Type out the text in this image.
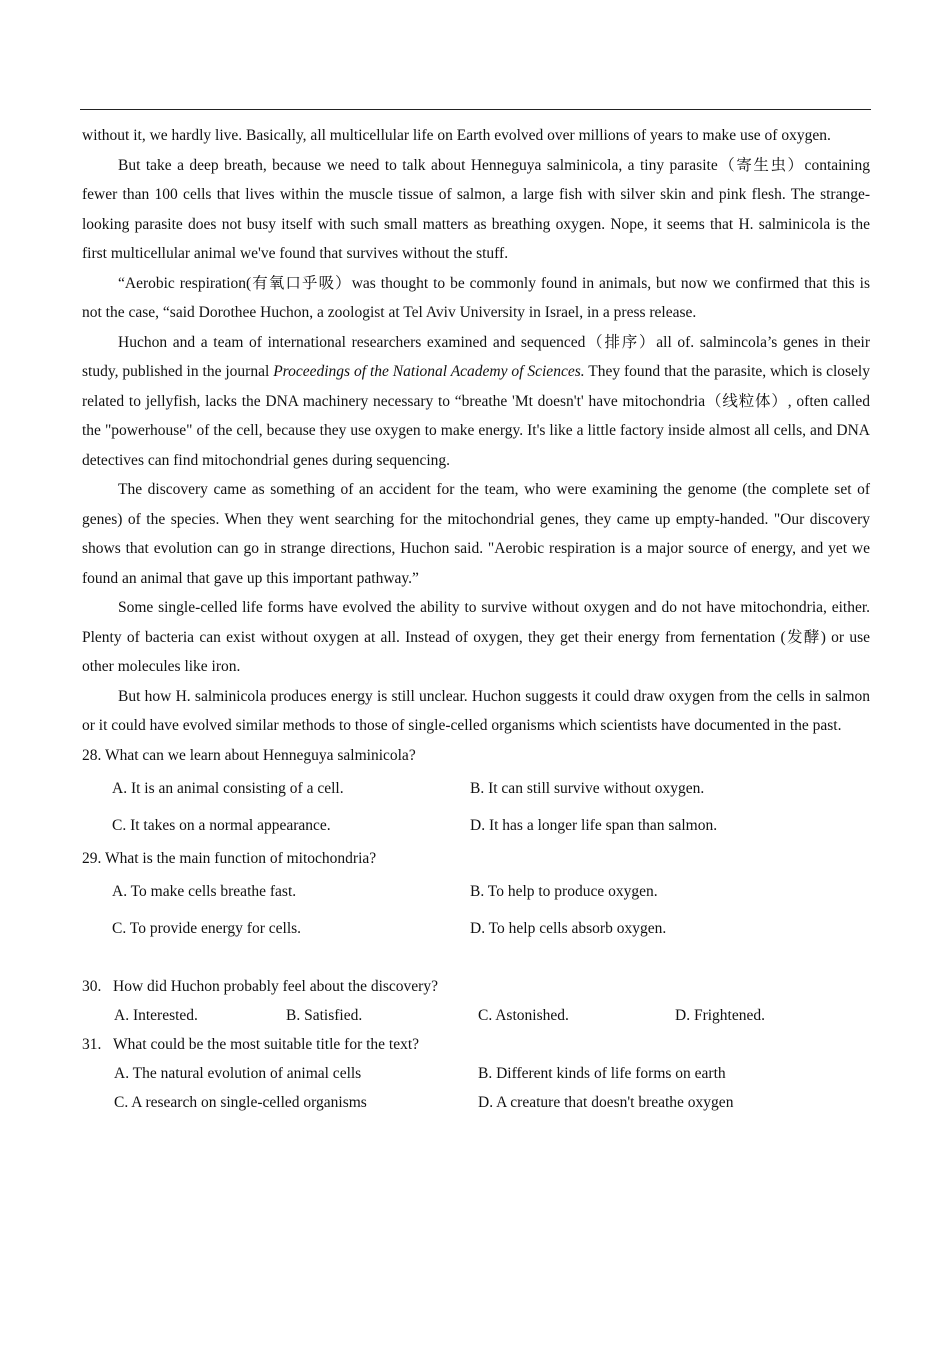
without it, we hardly live. Basically, all multicellular life on Earth evolved over millions of years to make use of oxygen.

But take a deep breath, because we need to talk about Henneguya salminicola, a tiny parasite（寄生虫）containing fewer than 100 cells that lives within the muscle tissue of salmon, a large fish with silver skin and pink flesh. The strange-looking parasite does not busy itself with such small matters as breathing oxygen. Nope, it seems that H. salminicola is the first multicellular animal we've found that survives without the stuff.

“Aerobic respiration(有氧口乎吸）was thought to be commonly found in animals, but now we confirmed that this is not the case, “said Dorothee Huchon, a zoologist at Tel Aviv University in Israel, in a press release.

Huchon and a team of international researchers examined and sequenced（排序）all of. salmincola’s genes in their study, published in the journal Proceedings of the National Academy of Sciences. They found that the parasite, which is closely related to jellyfish, lacks the DNA machinery necessary to “breathe 'Mt doesn't' have mitochondria（线粒体）, often called the "powerhouse" of the cell, because they use oxygen to make energy. It's like a little factory inside almost all cells, and DNA detectives can find mitochondrial genes during sequencing.

The discovery came as something of an accident for the team, who were examining the genome (the complete set of genes) of the species. When they went searching for the mitochondrial genes, they came up empty-handed. "Our discovery shows that evolution can go in strange directions, Huchon said. "Aerobic respiration is a major source of energy, and yet we found an animal that gave up this important pathway.”

Some single-celled life forms have evolved the ability to survive without oxygen and do not have mitochondria, either. Plenty of bacteria can exist without oxygen at all. Instead of oxygen, they get their energy from fernentation (发酵) or use other molecules like iron.

But how H. salminicola produces energy is still unclear. Huchon suggests it could draw oxygen from the cells in salmon or it could have evolved similar methods to those of single-celled organisms which scientists have documented in the past.

28. What can we learn about Henneguya salminicola?

A. It is an animal consisting of a cell.	B. It can still survive without oxygen.
C. It takes on a normal appearance.	D. It has a longer life span than salmon.

29. What is the main function of mitochondria?

A. To make cells breathe fast.	B. To help to produce oxygen.
C. To provide energy for cells.	D. To help cells absorb oxygen.

30. How did Huchon probably feel about the discovery?

A. Interested.	B. Satisfied.	C. Astonished.	D. Frightened.

31. What could be the most suitable title for the text?

A. The natural evolution of animal cells	B. Different kinds of life forms on earth
C. A research on single-celled organisms	D. A creature that doesn't breathe oxygen
